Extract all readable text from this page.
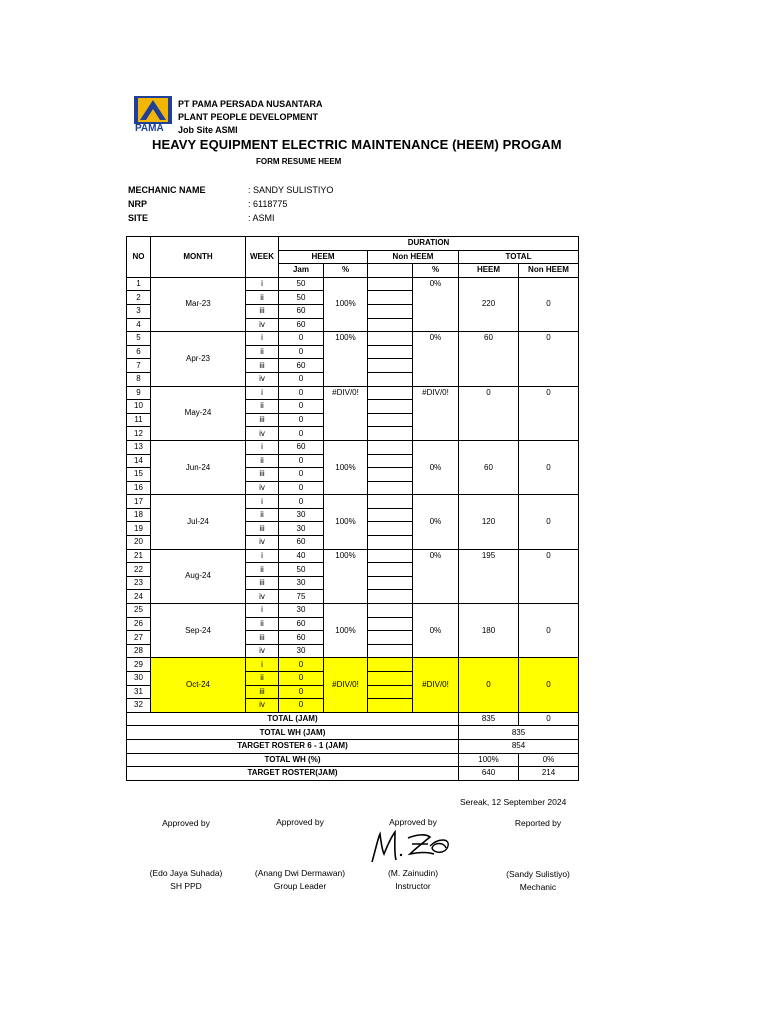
PAMA
PT PAMA PERSADA NUSANTARA
PLANT PEOPLE DEVELOPMENT
Job Site ASMI
HEAVY EQUIPMENT ELECTRIC MAINTENANCE (HEEM) PROGAM
FORM RESUME HEEM
MECHANIC NAME	: SANDY SULISTIYO
NRP	: 6118775
SITE	: ASMI
NO	MONTH	WEEK	DURATION					
			HEEM		Non HEEM		TOTAL	
			Jam	%		%	HEEM	Non HEEM
1	Mar-23	i	50	100%		0%	220	0
2		ii	50					
3		iii	60					
4		iv	60					
5	Apr-23	i	0	100%		0%	60	0
6		ii	0					
7		iii	60					
8		iv	0					
9	May-24	i	0	#DIV/0!		#DIV/0!	0	0
10		ii	0					
11		iii	0					
12		iv	0					
13	Jun-24	i	60	100%		0%	60	0
14		ii	0					
15		iii	0					
16		iv	0					
17	Jul-24	i	0	100%		0%	120	0
18		ii	30					
19		iii	30					
20		iv	60					
21	Aug-24	i	40	100%		0%	195	0
22		ii	50					
23		iii	30					
24		iv	75					
25	Sep-24	i	30	100%		0%	180	0
26		ii	60					
27		iii	60					
28		iv	30					
29	Oct-24	i	0	#DIV/0!		#DIV/0!	0	0
30		ii	0					
31		iii	0					
32		iv	0					
TOTAL (JAM)							835	0
TOTAL WH (JAM)							835	
TARGET ROSTER 6 - 1 (JAM)							854	
TOTAL WH (%)							100%	0%
TARGET ROSTER(JAM)							640	214
Sereak, 12 September 2024
Approved by
(Edo Jaya Suhada)
SH PPD
Approved by
(Anang Dwi Dermawan)
Group Leader
Approved by
(M. Zainudin)
Instructor
Reported by
(Sandy Sulistiyo)
Mechanic
